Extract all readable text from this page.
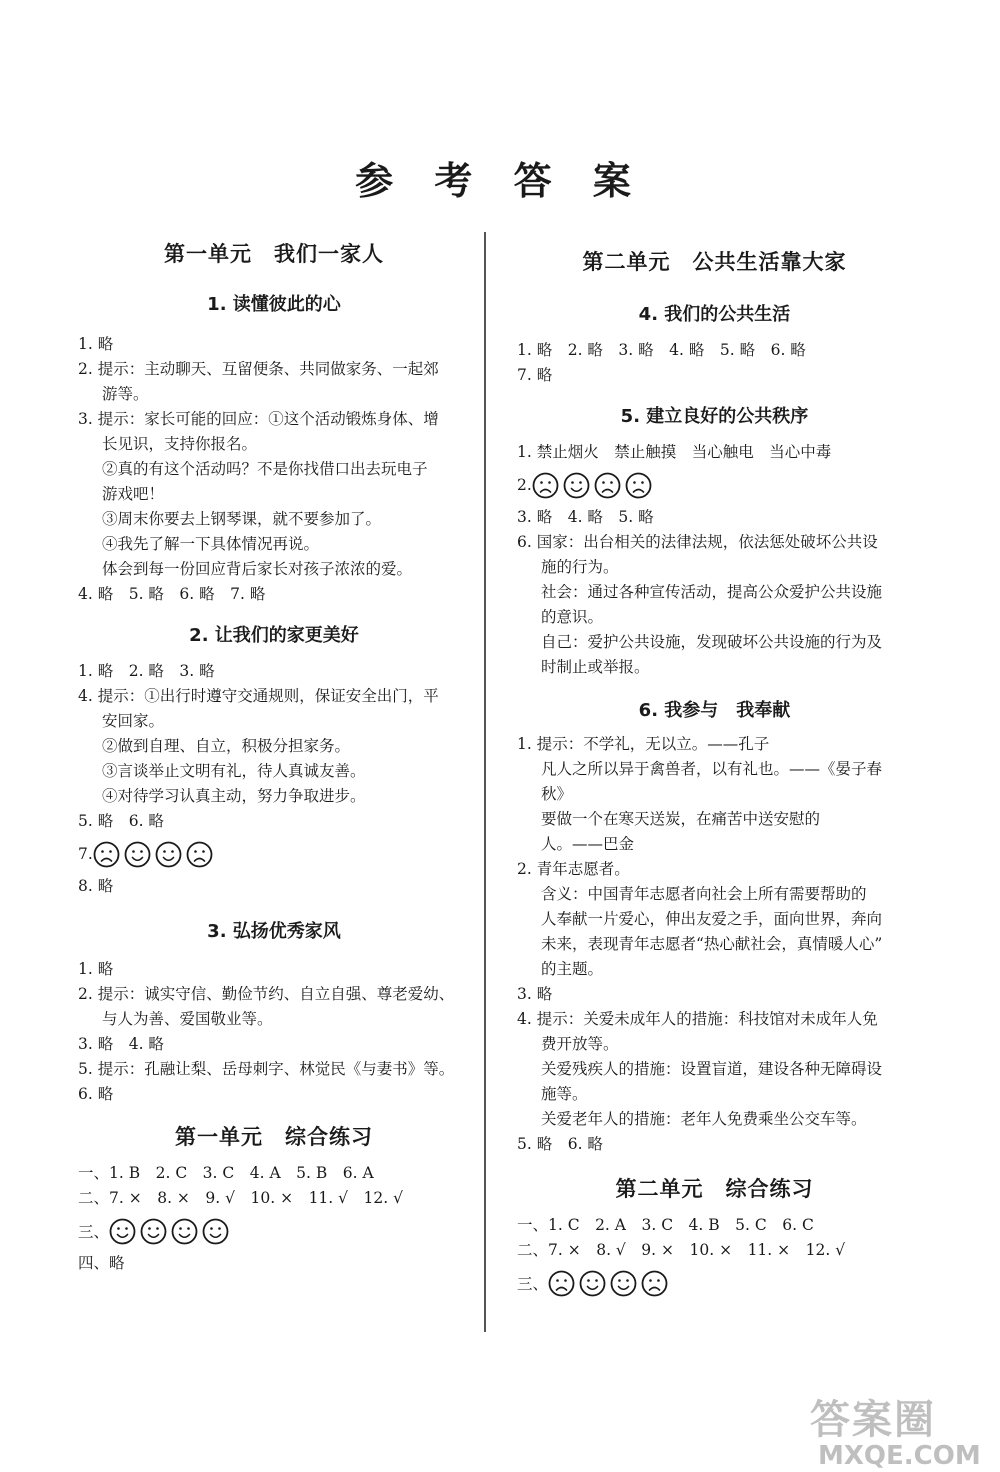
参 考 答 案
第一单元　我们一家人
1. 读懂彼此的心
1. 略
2. 提示：主动聊天、互留便条、共同做家务、一起郊
游等。
3. 提示：家长可能的回应：①这个活动锻炼身体、增
长见识，支持你报名。
②真的有这个活动吗？不是你找借口出去玩电子
游戏吧！
③周末你要去上钢琴课，就不要参加了。
④我先了解一下具体情况再说。
体会到每一份回应背后家长对孩子浓浓的爱。
4. 略　5. 略　6. 略　7. 略
2. 让我们的家更美好
1. 略　2. 略　3. 略
4. 提示：①出行时遵守交通规则，保证安全出门，平
安回家。
②做到自理、自立，积极分担家务。
③言谈举止文明有礼，待人真诚友善。
④对待学习认真主动，努力争取进步。
5. 略　6. 略
7.
8. 略
3. 弘扬优秀家风
1. 略
2. 提示：诚实守信、勤俭节约、自立自强、尊老爱幼、
与人为善、爱国敬业等。
3. 略　4. 略
5. 提示：孔融让梨、岳母刺字、林觉民《与妻书》等。
6. 略
第一单元　综合练习
一、1. B　2. C　3. C　4. A　5. B　6. A
二、7. ×　8. ×　9. √　10. ×　11. √　12. √
三、
四、略
第二单元　公共生活靠大家
4. 我们的公共生活
1. 略　2. 略　3. 略　4. 略　5. 略　6. 略
7. 略
5. 建立良好的公共秩序
1. 禁止烟火　禁止触摸　当心触电　当心中毒
2.
3. 略　4. 略　5. 略
6. 国家：出台相关的法律法规，依法惩处破坏公共设
施的行为。
社会：通过各种宣传活动，提高公众爱护公共设施
的意识。
自己：爱护公共设施，发现破坏公共设施的行为及
时制止或举报。
6. 我参与　我奉献
1. 提示：不学礼，无以立。——孔子
凡人之所以异于禽兽者，以有礼也。——《晏子春
秋》
要做一个在寒天送炭，在痛苦中送安慰的
人。——巴金
2. 青年志愿者。
含义：中国青年志愿者向社会上所有需要帮助的
人奉献一片爱心，伸出友爱之手，面向世界，奔向
未来，表现青年志愿者“热心献社会，真情暖人心”
的主题。
3. 略
4. 提示：关爱未成年人的措施：科技馆对未成年人免
费开放等。
关爱残疾人的措施：设置盲道，建设各种无障碍设
施等。
关爱老年人的措施：老年人免费乘坐公交车等。
5. 略　6. 略
第二单元　综合练习
一、1. C　2. A　3. C　4. B　5. C　6. C
二、7. ×　8. √　9. ×　10. ×　11. ×　12. √
三、
答案圈
MXQE.COM
